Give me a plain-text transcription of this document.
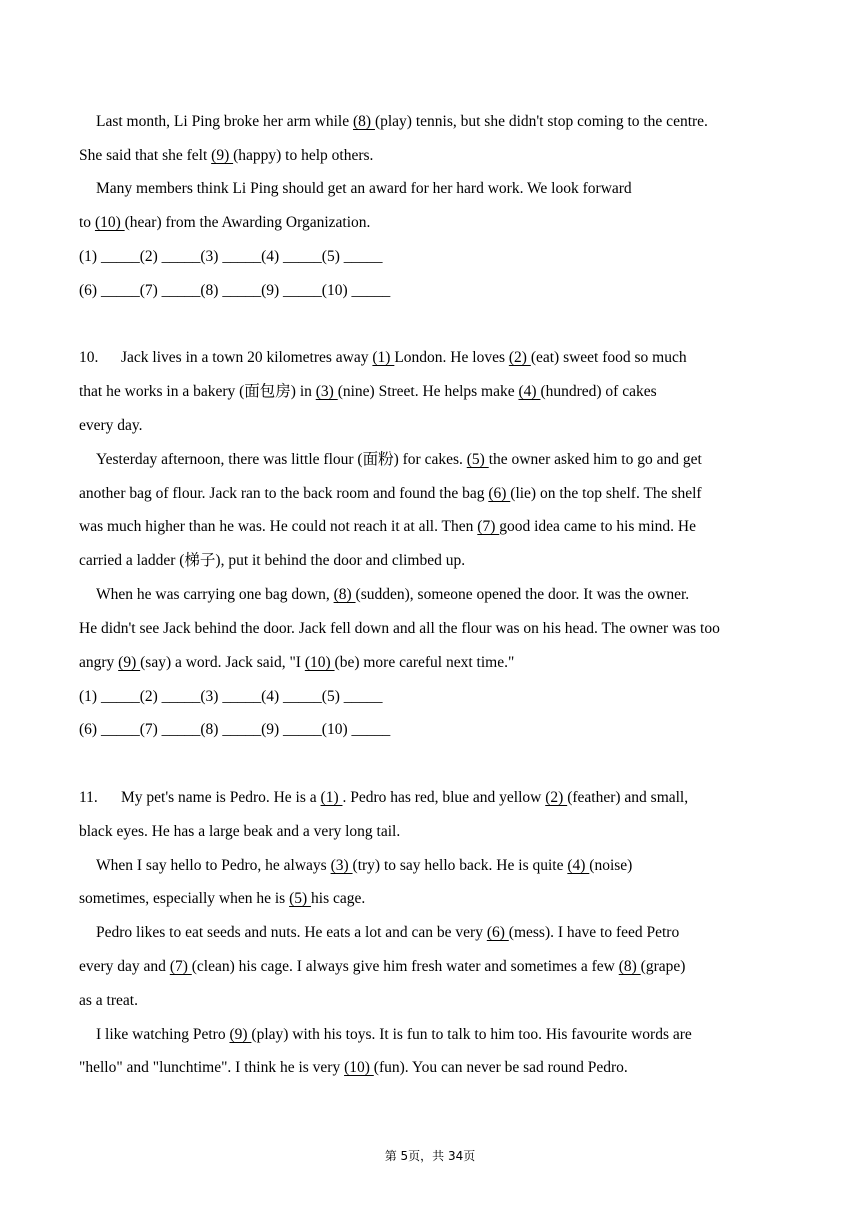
Last month, Li Ping broke her arm while (8) (play) tennis, but she didn't stop coming to the centre.
She said that she felt (9) (happy) to help others.
Many members think Li Ping should get an award for her hard work. We look forward
to (10) (hear) from the Awarding Organization.
(1) _____(2) _____(3) _____(4) _____(5) _____
(6) _____(7) _____(8) _____(9) _____(10) _____
10. Jack lives in a town 20 kilometres away (1) London. He loves (2) (eat) sweet food so much
that he works in a bakery (面包房) in (3) (nine) Street. He helps make (4) (hundred) of cakes
every day.
Yesterday afternoon, there was little flour (面粉) for cakes. (5) the owner asked him to go and get
another bag of flour. Jack ran to the back room and found the bag (6) (lie) on the top shelf. The shelf
was much higher than he was. He could not reach it at all. Then (7) good idea came to his mind. He
carried a ladder (梯子), put it behind the door and climbed up.
When he was carrying one bag down, (8) (sudden), someone opened the door. It was the owner.
He didn't see Jack behind the door. Jack fell down and all the flour was on his head. The owner was too
angry (9) (say) a word. Jack said, "I (10) (be) more careful next time."
(1) _____(2) _____(3) _____(4) _____(5) _____
(6) _____(7) _____(8) _____(9) _____(10) _____
11. My pet's name is Pedro. He is a (1) . Pedro has red, blue and yellow (2) (feather) and small,
black eyes. He has a large beak and a very long tail.
When I say hello to Pedro, he always (3) (try) to say hello back. He is quite (4) (noise)
sometimes, especially when he is (5) his cage.
Pedro likes to eat seeds and nuts. He eats a lot and can be very (6) (mess). I have to feed Petro
every day and (7) (clean) his cage. I always give him fresh water and sometimes a few (8) (grape)
as a treat.
I like watching Petro (9) (play) with his toys. It is fun to talk to him too. His favourite words are
"hello" and "lunchtime". I think he is very (10) (fun). You can never be sad round Pedro.
第 5页，共 34页
